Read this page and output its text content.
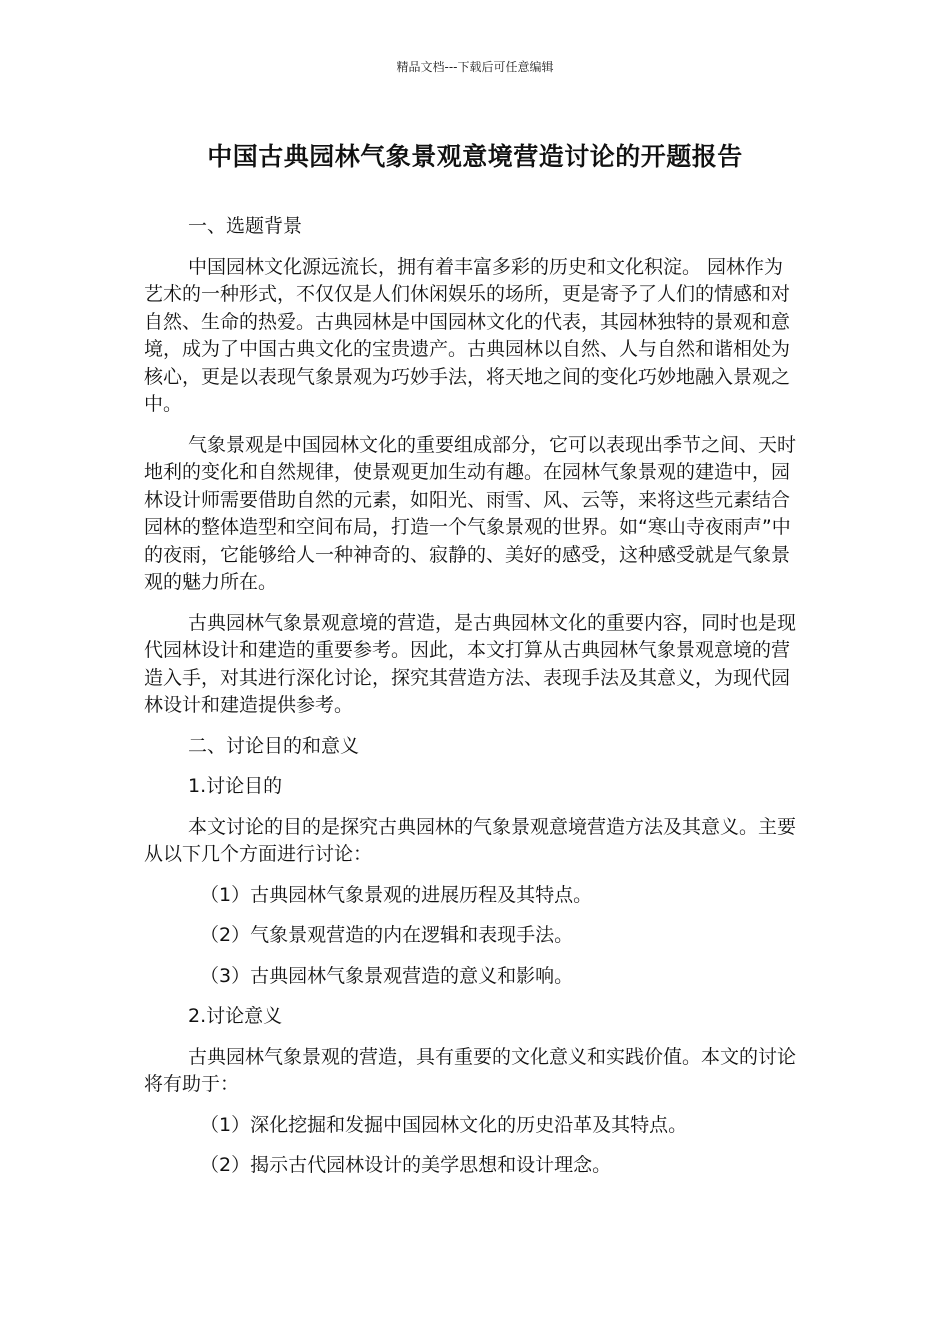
精品文档---下载后可任意编辑
中国古典园林气象景观意境营造讨论的开题报告
一、选题背景
中国园林文化源远流长，拥有着丰富多彩的历史和文化积淀。 园林作为艺术的一种形式，不仅仅是人们休闲娱乐的场所，更是寄予了人们的情感和对自然、生命的热爱。古典园林是中国园林文化的代表，其园林独特的景观和意境，成为了中国古典文化的宝贵遗产。古典园林以自然、人与自然和谐相处为核心，更是以表现气象景观为巧妙手法，将天地之间的变化巧妙地融入景观之中。
气象景观是中国园林文化的重要组成部分，它可以表现出季节之间、天时地利的变化和自然规律，使景观更加生动有趣。在园林气象景观的建造中，园林设计师需要借助自然的元素，如阳光、雨雪、风、云等，来将这些元素结合园林的整体造型和空间布局，打造一个气象景观的世界。如“寒山寺夜雨声”中的夜雨，它能够给人一种神奇的、寂静的、美好的感受，这种感受就是气象景观的魅力所在。
古典园林气象景观意境的营造，是古典园林文化的重要内容，同时也是现代园林设计和建造的重要参考。因此，本文打算从古典园林气象景观意境的营造入手，对其进行深化讨论，探究其营造方法、表现手法及其意义，为现代园林设计和建造提供参考。
二、讨论目的和意义
1.讨论目的
本文讨论的目的是探究古典园林的气象景观意境营造方法及其意义。主要从以下几个方面进行讨论：
（1）古典园林气象景观的进展历程及其特点。
（2）气象景观营造的内在逻辑和表现手法。
（3）古典园林气象景观营造的意义和影响。
2.讨论意义
古典园林气象景观的营造，具有重要的文化意义和实践价值。本文的讨论将有助于：
（1）深化挖掘和发掘中国园林文化的历史沿革及其特点。
（2）揭示古代园林设计的美学思想和设计理念。
